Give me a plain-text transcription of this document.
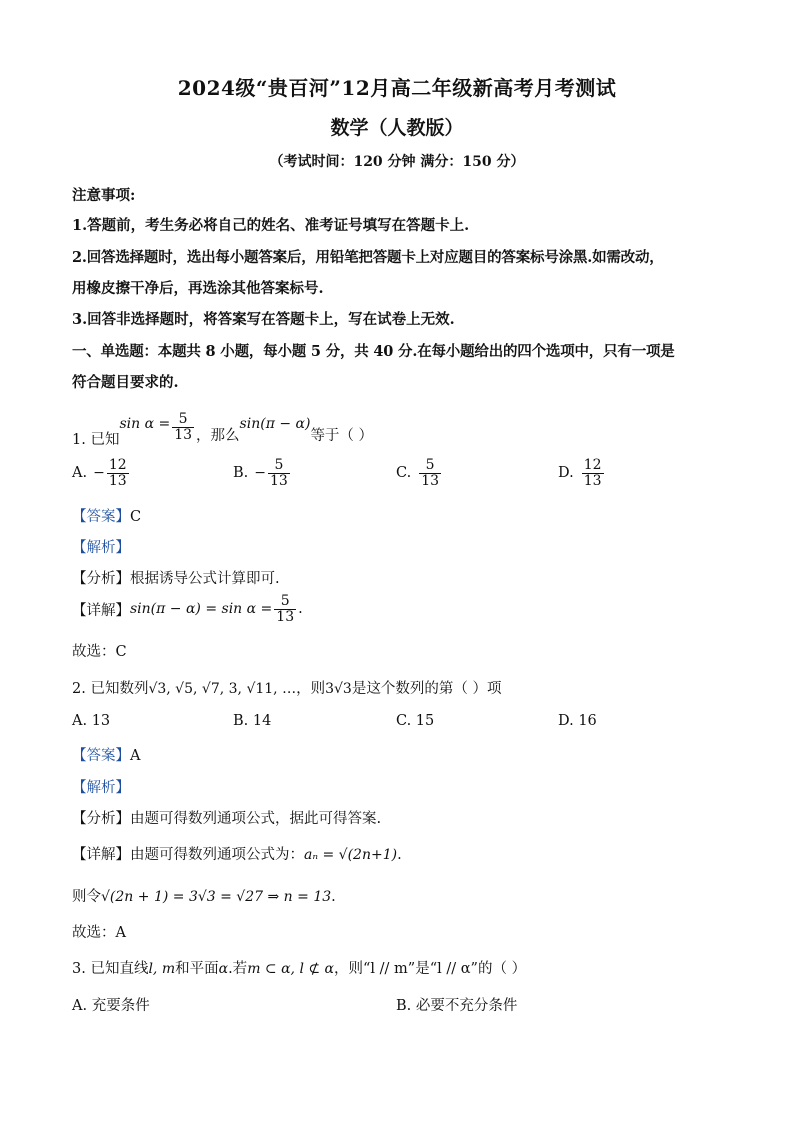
2024级“贵百河”12月高二年级新高考月考测试
数学（人教版）
（考试时间：120 分钟 满分：150 分）
注意事项:
1.答题前，考生务必将自己的姓名、准考证号填写在答题卡上.
2.回答选择题时，选出每小题答案后，用铅笔把答题卡上对应题目的答案标号涂黑.如需改动，
用橡皮擦干净后，再选涂其他答案标号.
3.回答非选择题时，将答案写在答题卡上，写在试卷上无效.
一、单选题：本题共 8 小题，每小题 5 分，共 40 分.在每小题给出的四个选项中，只有一项是
符合题目要求的.
1. 已知
$\sin \alpha = \frac{5}{13}$ ，那么
sin(π − α)
等于（ ）
A. − $\frac{12}{13}$	B. − $\frac{5}{13}$	C. $\frac{5}{13}$	D. $\frac{12}{13}$
【答案】C
【解析】
【分析】根据诱导公式计算即可.
【详解】 $\sin(\pi - \alpha) = \sin \alpha = \frac{5}{13}$ .
故选：C
2. 已知数列√3, √5, √7, 3, √11, …，则3√3是这个数列的第（ ）项
A. 13	B. 14	C. 15	D. 16
【答案】A
【解析】
【分析】由题可得数列通项公式，据此可得答案.
【详解】由题可得数列通项公式为：aₙ = √(2n+1).
则令√(2n + 1) = 3√3 = √27 ⇒ n = 13.
故选：A
3. 已知直线l, m和平面α.若m ⊂ α, l ⊄ α，则“l // m”是“l // α”的（ ）
A. 充要条件	B. 必要不充分条件
